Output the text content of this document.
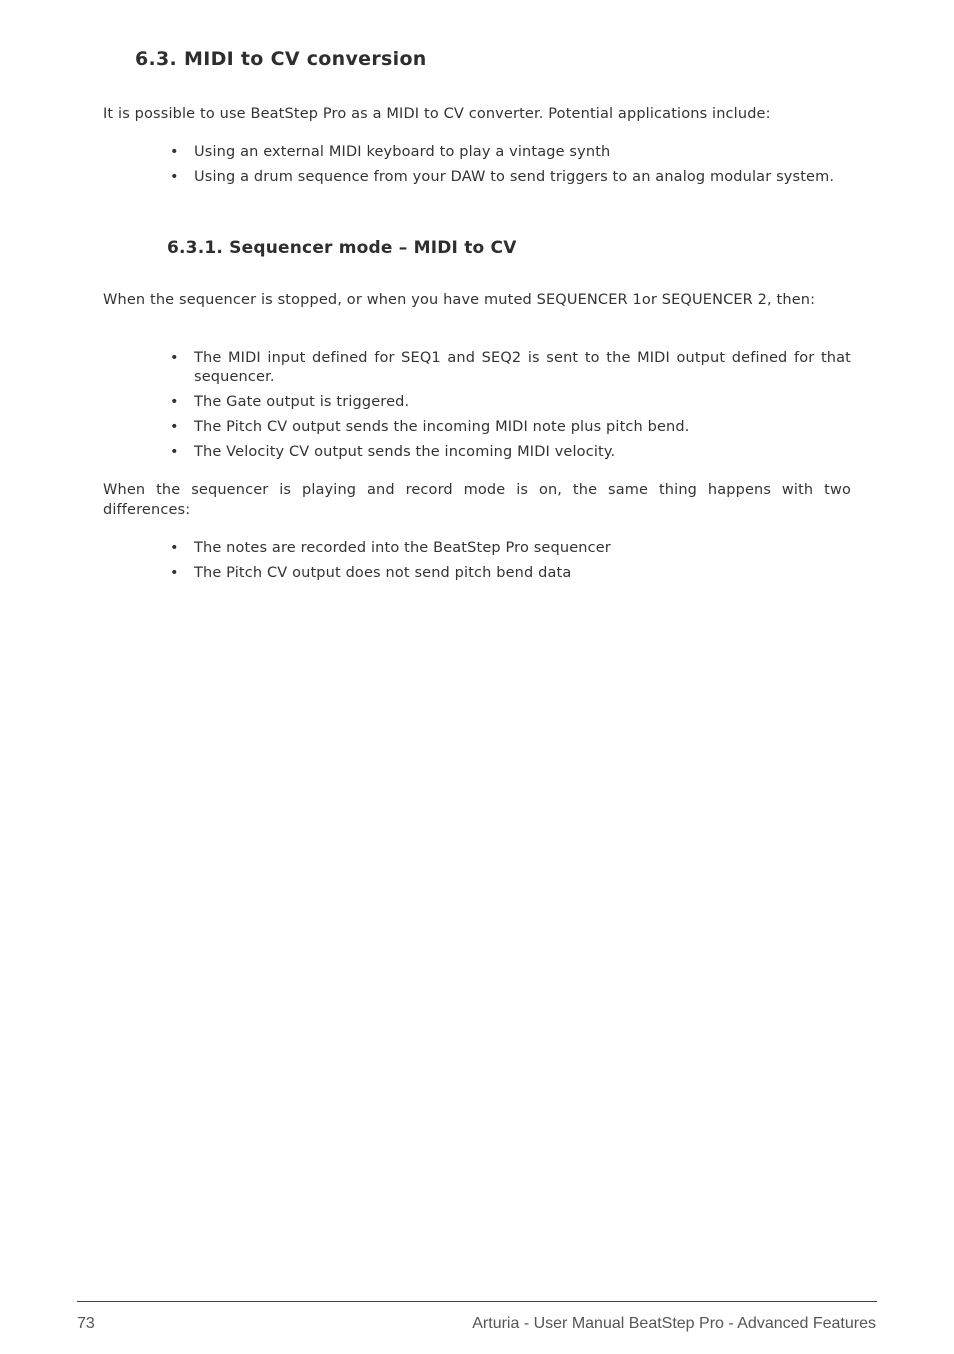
6.3. MIDI to CV conversion

It is possible to use BeatStep Pro as a MIDI to CV converter. Potential applications include:

• Using an external MIDI keyboard to play a vintage synth
• Using a drum sequence from your DAW to send triggers to an analog modular system.
6.3.1. Sequencer mode – MIDI to CV

When the sequencer is stopped, or when you have muted SEQUENCER 1or SEQUENCER 2, then:

• The MIDI input defined for SEQ1 and SEQ2 is sent to the MIDI output defined for that sequencer.
• The Gate output is triggered.
• The Pitch CV output sends the incoming MIDI note plus pitch bend.
• The Velocity CV output sends the incoming MIDI velocity.

When the sequencer is playing and record mode is on, the same thing happens with two differences:

• The notes are recorded into the BeatStep Pro sequencer
• The Pitch CV output does not send pitch bend data
73	Arturia - User Manual BeatStep Pro - Advanced Features
